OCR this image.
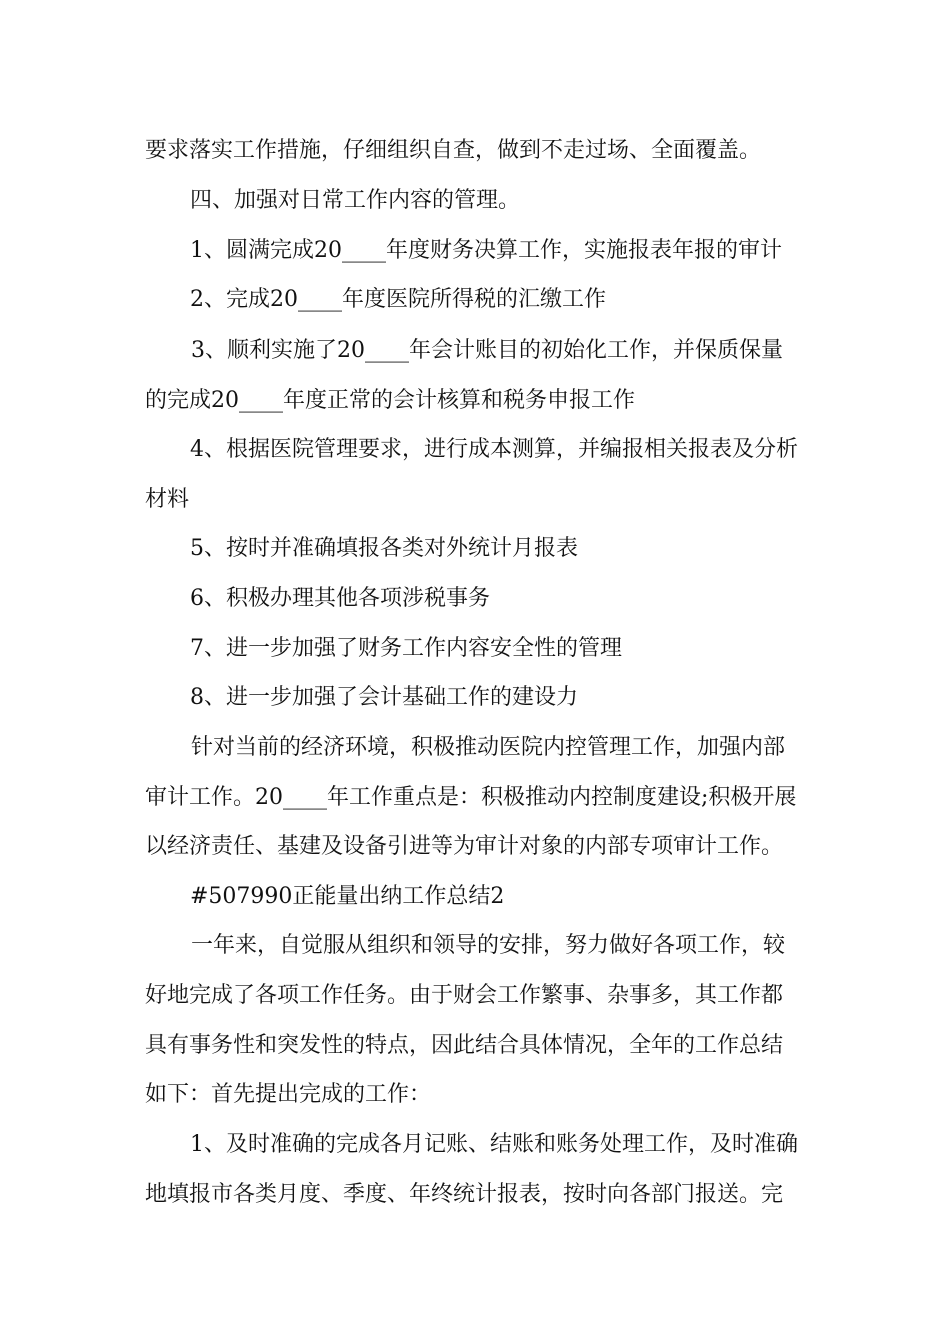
要求落实工作措施，仔细组织自查，做到不走过场、全面覆盖。
四、加强对日常工作内容的管理。
1、圆满完成20____年度财务决算工作，实施报表年报的审计
2、完成20____年度医院所得税的汇缴工作
3、顺利实施了20____年会计账目的初始化工作，并保质保量
的完成20____年度正常的会计核算和税务申报工作
4、根据医院管理要求，进行成本测算，并编报相关报表及分析
材料
5、按时并准确填报各类对外统计月报表
6、积极办理其他各项涉税事务
7、进一步加强了财务工作内容安全性的管理
8、进一步加强了会计基础工作的建设力
针对当前的经济环境，积极推动医院内控管理工作，加强内部
审计工作。20____年工作重点是：积极推动内控制度建设;积极开展
以经济责任、基建及设备引进等为审计对象的内部专项审计工作。
#507990正能量出纳工作总结2
一年来，自觉服从组织和领导的安排，努力做好各项工作，较
好地完成了各项工作任务。由于财会工作繁事、杂事多，其工作都
具有事务性和突发性的特点，因此结合具体情况，全年的工作总结
如下：首先提出完成的工作：
1、及时准确的完成各月记账、结账和账务处理工作，及时准确
地填报市各类月度、季度、年终统计报表，按时向各部门报送。完
